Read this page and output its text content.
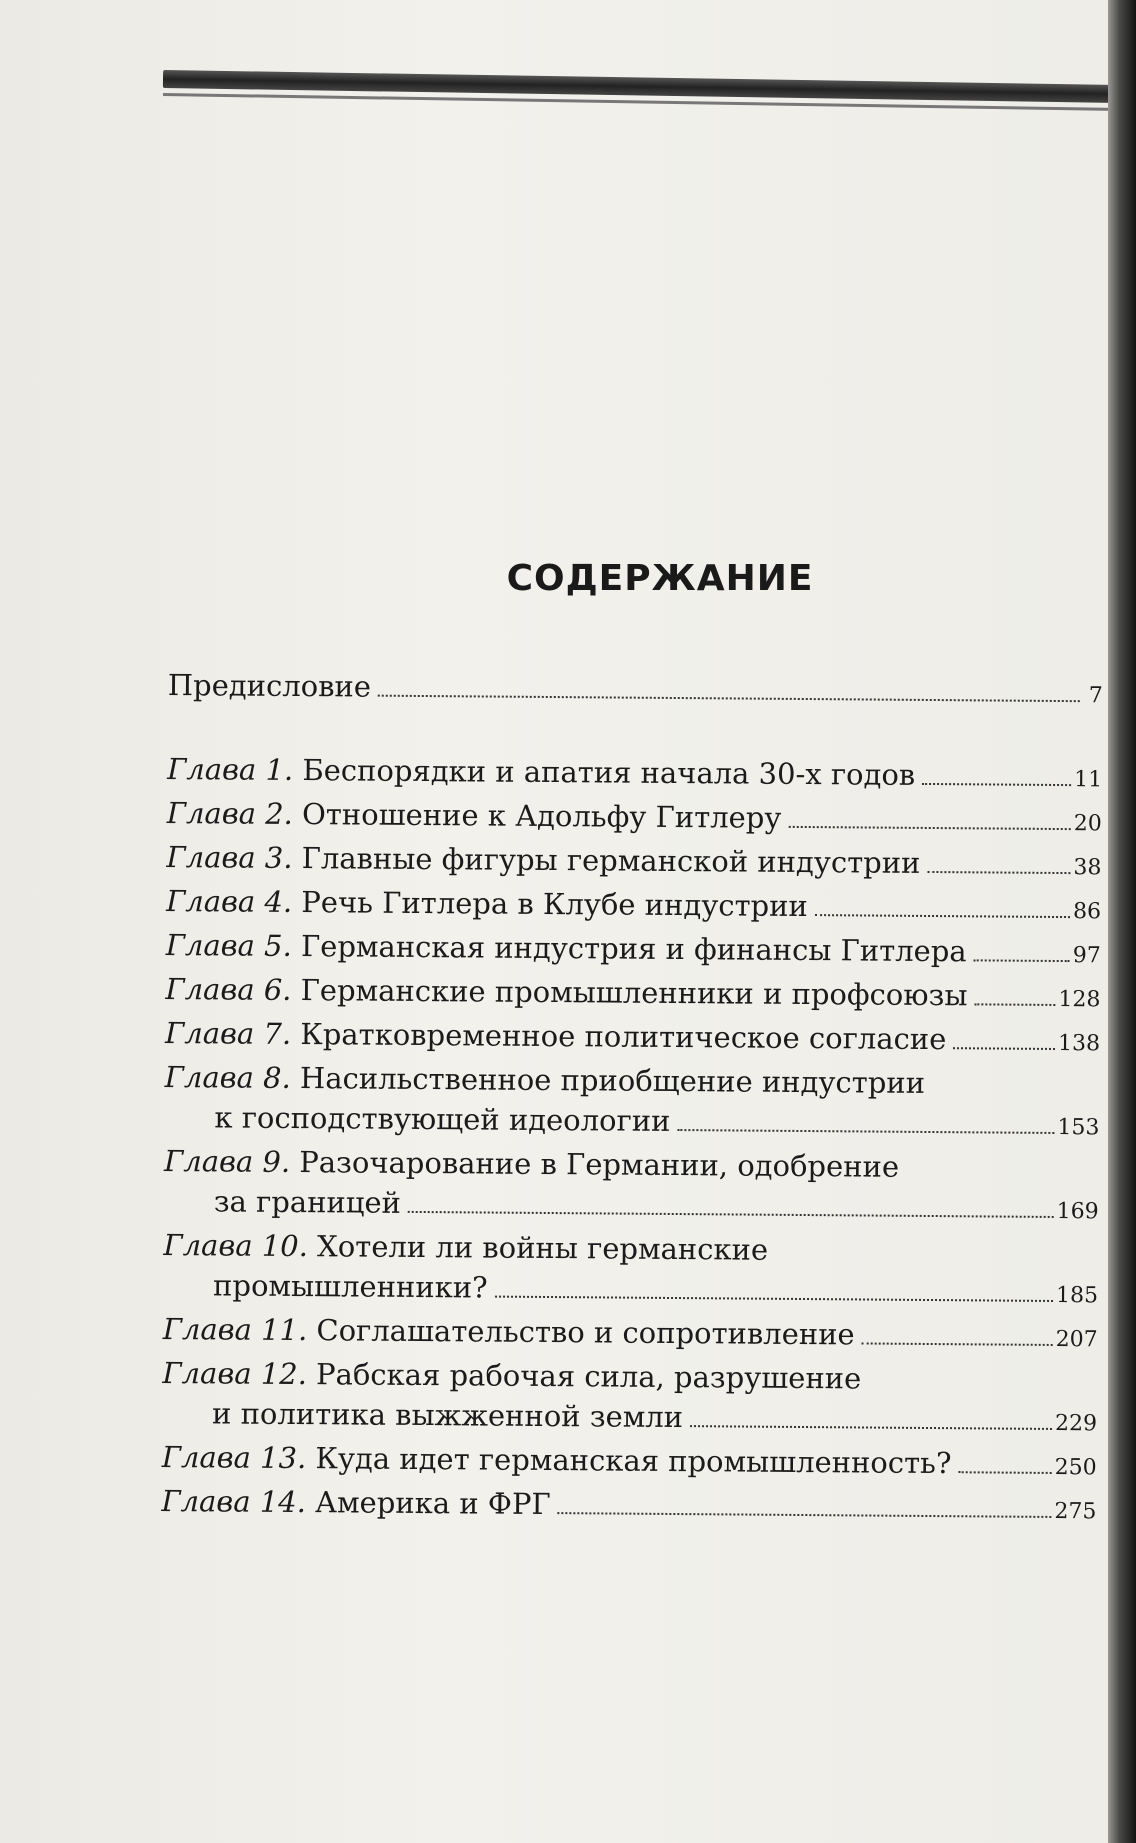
СОДЕРЖАНИЕ
Предисловие	7
Глава 1. Беспорядки и апатия начала 30-х годов	11
Глава 2. Отношение к Адольфу Гитлеру	20
Глава 3. Главные фигуры германской индустрии	38
Глава 4. Речь Гитлера в Клубе индустрии	86
Глава 5. Германская индустрия и финансы Гитлера	97
Глава 6. Германские промышленники и профсоюзы	128
Глава 7. Кратковременное политическое согласие	138
Глава 8. Насильственное приобщение индустрии
к господствующей идеологии	153
Глава 9. Разочарование в Германии, одобрение
за границей	169
Глава 10. Хотели ли войны германские
промышленники?	185
Глава 11. Соглашательство и сопротивление	207
Глава 12. Рабская рабочая сила, разрушение
и политика выжженной земли	229
Глава 13. Куда идет германская промышленность?	250
Глава 14. Америка и ФРГ	275
